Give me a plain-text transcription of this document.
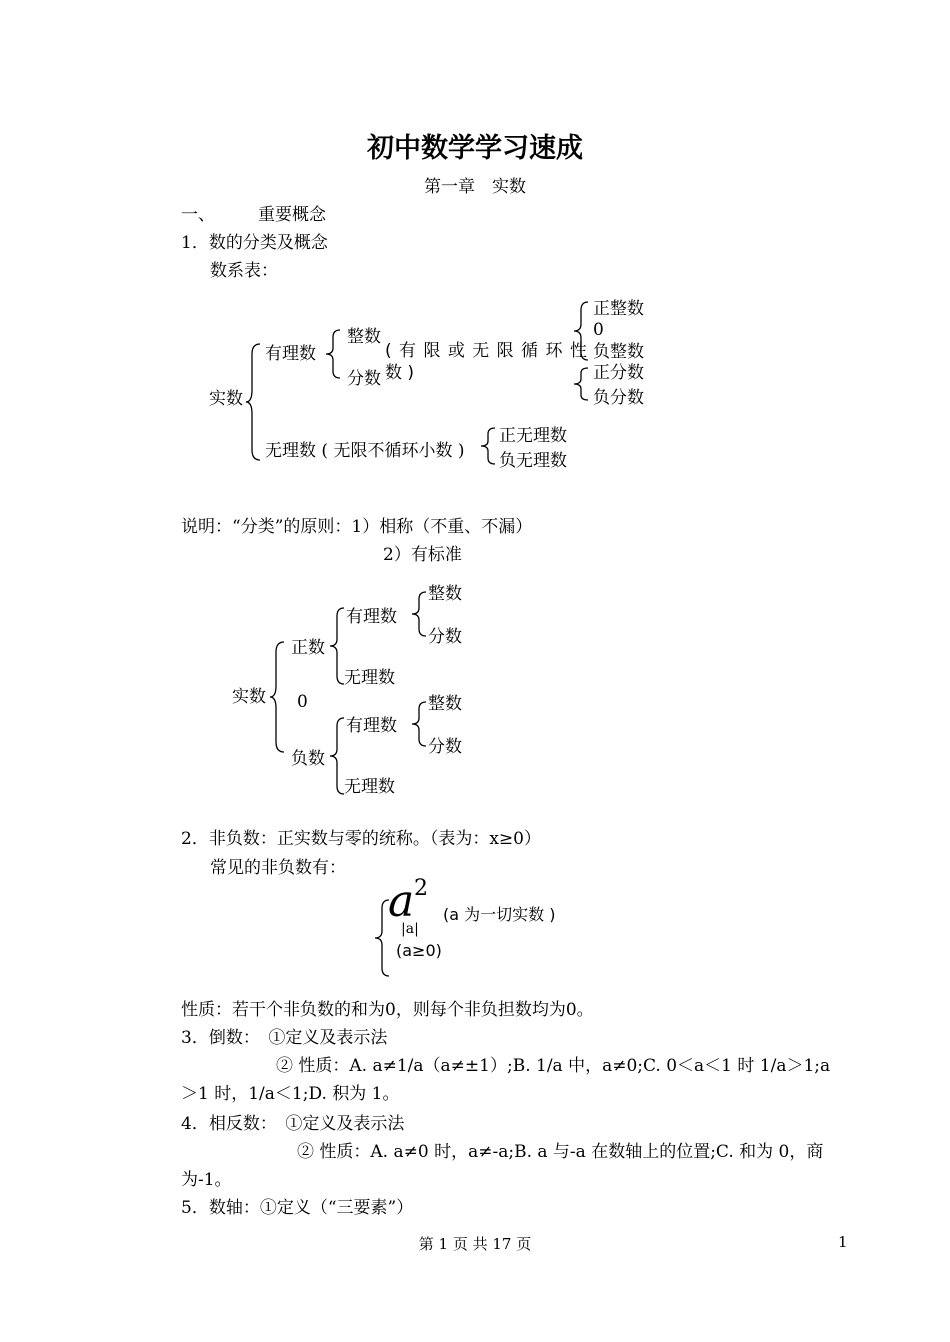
初中数学学习速成
第一章　实数
一、	重要概念
1．数的分类及概念
数系表：
实数
有理数
整数
分数
( 有 限 或 无 限 循 环 性
数 )
正整数
0
负整数
正分数
负分数
无理数 ( 无限不循环小数 )
正无理数
负无理数
说明：“分类”的原则：1）相称（不重、不漏）
2）有标准
实数
正数
0
负数
有理数
无理数
整数
分数
有理数
无理数
整数
分数
2．非负数：正实数与零的统称。（表为：x≥0）
常见的非负数有：
a 2
(a 为一切实数 )
|a|
(a≥0)
性质：若干个非负数的和为0，则每个非负担数均为0。
3．倒数：　①定义及表示法
② 性质：A. a≠1/a（a≠±1）;B. 1/a 中，a≠0;C. 0＜a＜1 时 1/a＞1;a
＞1 时，1/a＜1;D. 积为 1。
4．相反数：　①定义及表示法
② 性质：A. a≠0 时，a≠-a;B. a 与-a 在数轴上的位置;C. 和为 0，商
为-1。
5．数轴：①定义（“三要素”）
第 1 页 共 17 页	1
